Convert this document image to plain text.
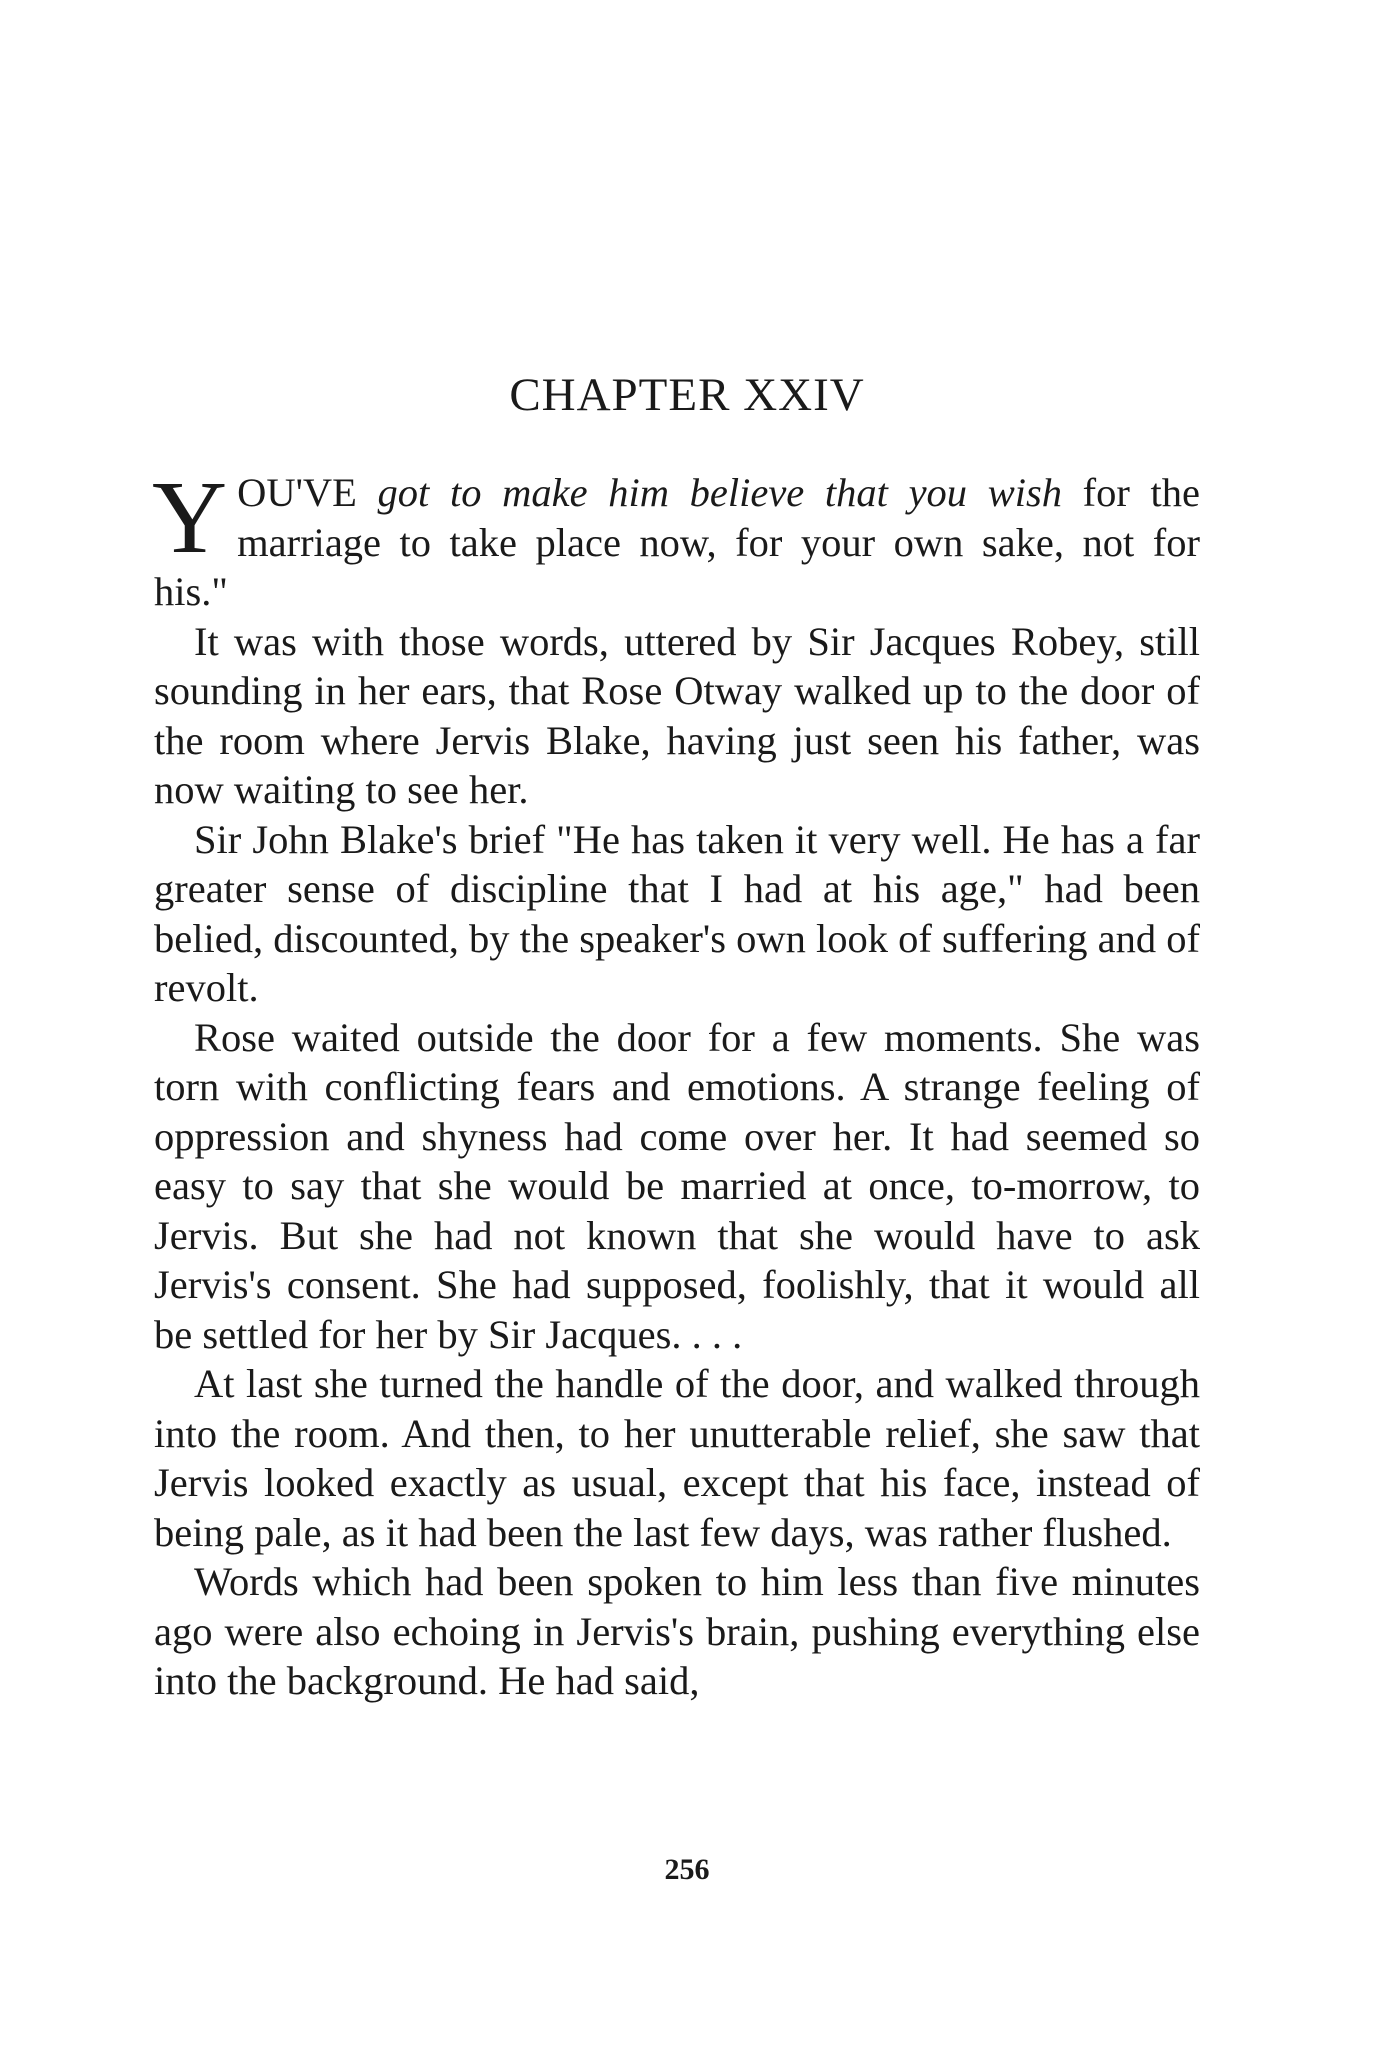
CHAPTER XXIV

YOU'VE got to make him believe that you wish for the marriage to take place now, for your own sake, not for his."

It was with those words, uttered by Sir Jacques Robey, still sounding in her ears, that Rose Otway walked up to the door of the room where Jervis Blake, having just seen his father, was now waiting to see her.

Sir John Blake's brief "He has taken it very well. He has a far greater sense of discipline that I had at his age," had been belied, discounted, by the speaker's own look of suffering and of revolt.

Rose waited outside the door for a few moments. She was torn with conflicting fears and emotions. A strange feeling of oppression and shyness had come over her. It had seemed so easy to say that she would be married at once, to-morrow, to Jervis. But she had not known that she would have to ask Jervis's consent. She had supposed, foolishly, that it would all be settled for her by Sir Jacques. . . .

At last she turned the handle of the door, and walked through into the room. And then, to her unutterable relief, she saw that Jervis looked exactly as usual, except that his face, instead of being pale, as it had been the last few days, was rather flushed.

Words which had been spoken to him less than five minutes ago were also echoing in Jervis's brain, pushing everything else into the background. He had said,

256
